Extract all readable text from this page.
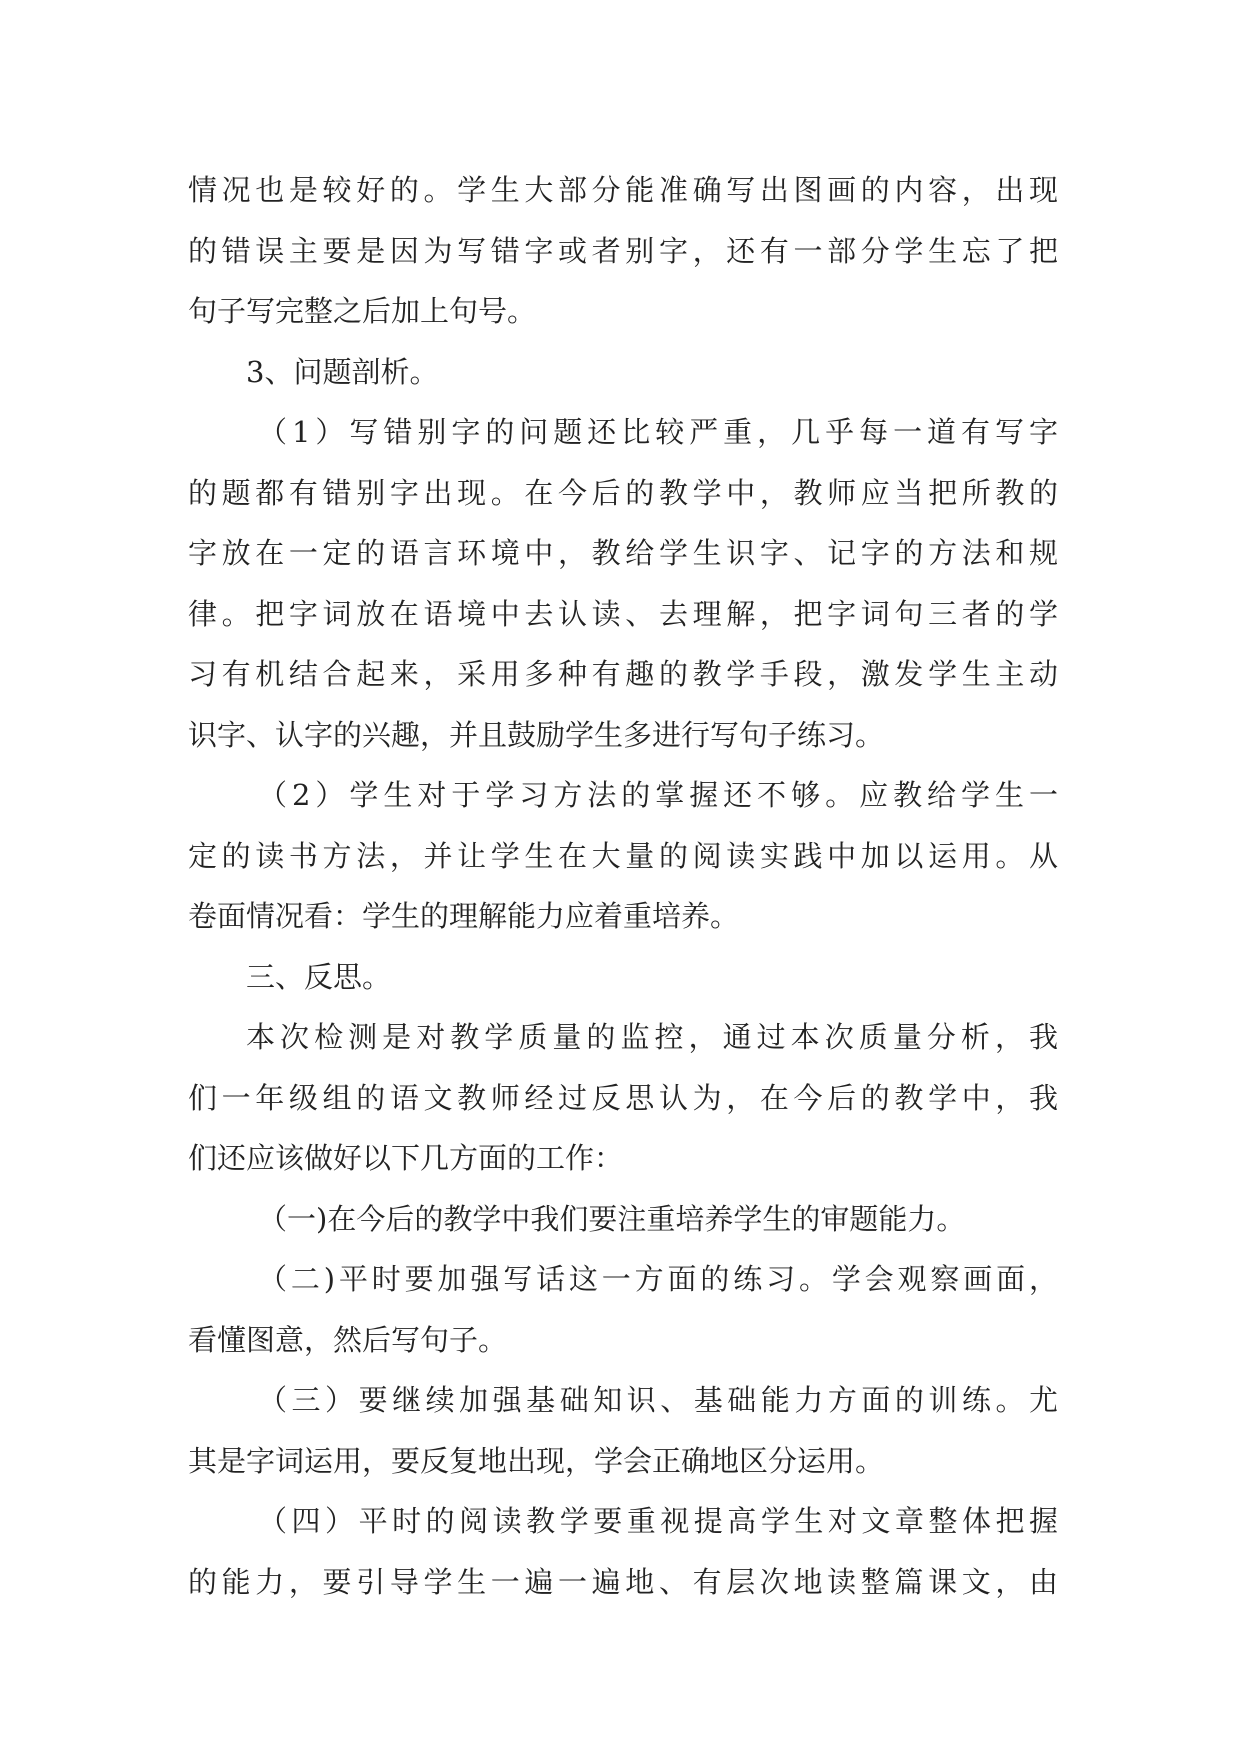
情况也是较好的。学生大部分能准确写出图画的内容，出现
的错误主要是因为写错字或者别字，还有一部分学生忘了把
句子写完整之后加上句号。
3、问题剖析。
（1）写错别字的问题还比较严重，几乎每一道有写字
的题都有错别字出现。在今后的教学中，教师应当把所教的
字放在一定的语言环境中，教给学生识字、记字的方法和规
律。把字词放在语境中去认读、去理解，把字词句三者的学
习有机结合起来，采用多种有趣的教学手段，激发学生主动
识字、认字的兴趣，并且鼓励学生多进行写句子练习。
（2）学生对于学习方法的掌握还不够。应教给学生一
定的读书方法，并让学生在大量的阅读实践中加以运用。从
卷面情况看：学生的理解能力应着重培养。
三、反思。
本次检测是对教学质量的监控，通过本次质量分析，我
们一年级组的语文教师经过反思认为，在今后的教学中，我
们还应该做好以下几方面的工作：
（一)在今后的教学中我们要注重培养学生的审题能力。
（二)平时要加强写话这一方面的练习。学会观察画面，
看懂图意，然后写句子。
（三）要继续加强基础知识、基础能力方面的训练。尤
其是字词运用，要反复地出现，学会正确地区分运用。
（四）平时的阅读教学要重视提高学生对文章整体把握
的能力，要引导学生一遍一遍地、有层次地读整篇课文，由
